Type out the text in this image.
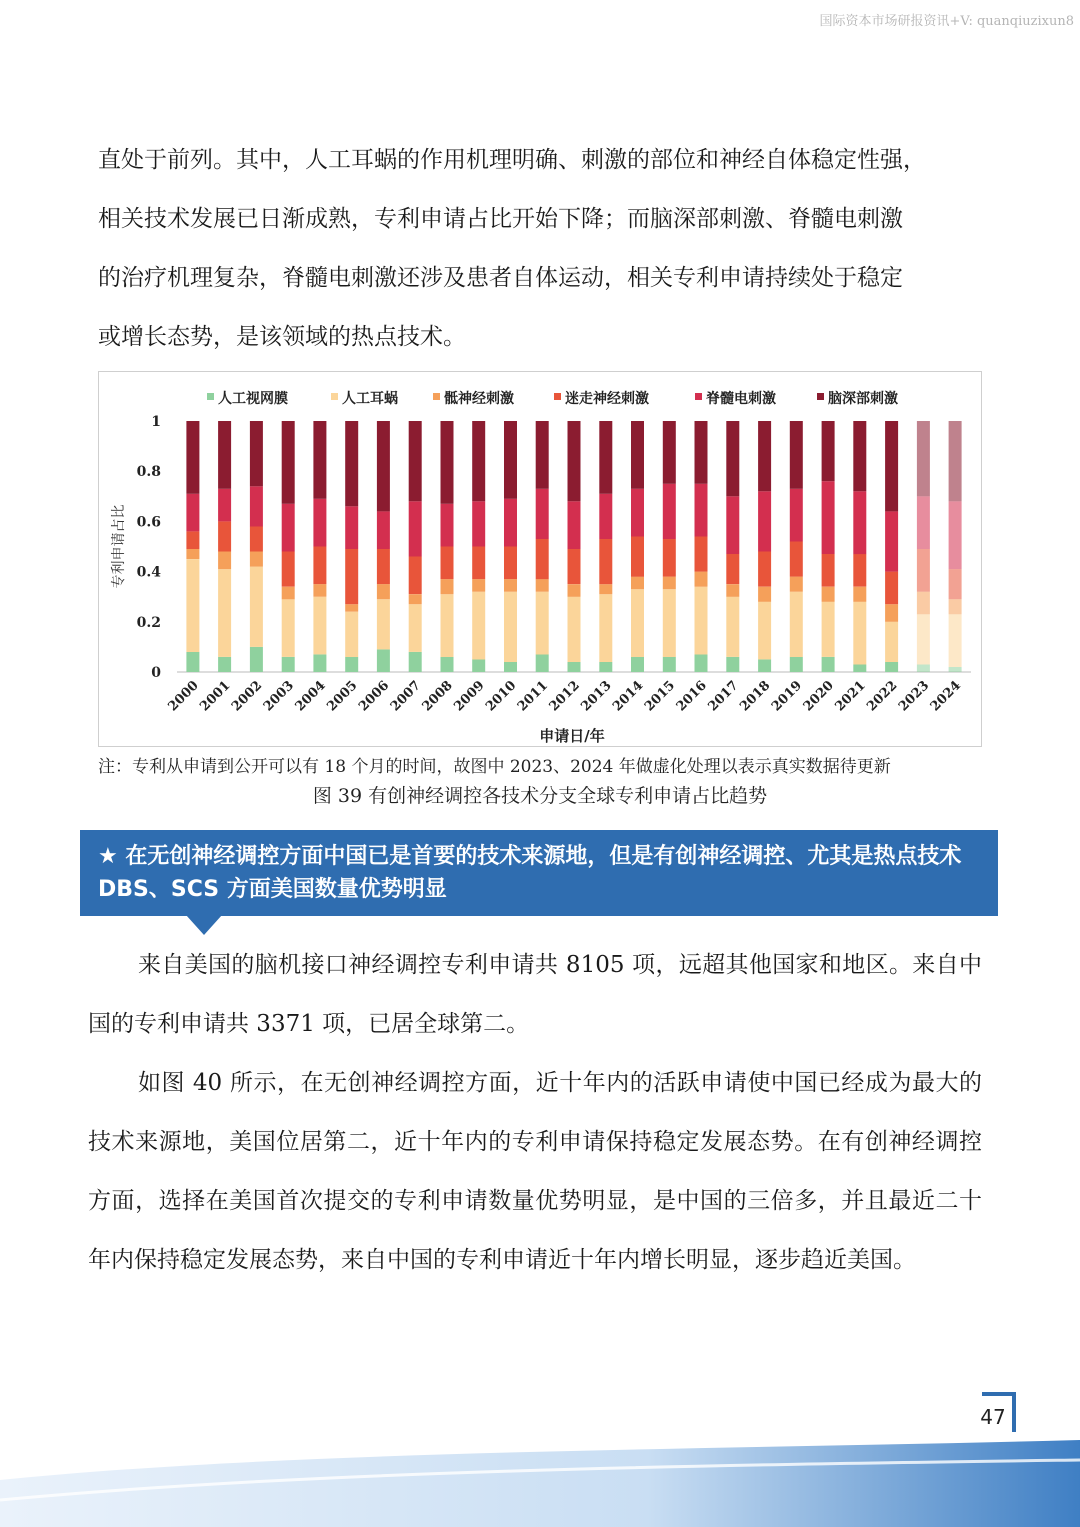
国际资本市场研报资讯+V: quanqiuzixun8
直处于前列。其中，人工耳蜗的作用机理明确、刺激的部位和神经自体稳定性强，
相关技术发展已日渐成熟，专利申请占比开始下降；而脑深部刺激、脊髓电刺激
的治疗机理复杂，脊髓电刺激还涉及患者自体运动，相关专利申请持续处于稳定
或增长态势，是该领域的热点技术。
0
0.2
0.4
0.6
0.8
1
专利申请占比
2000
2001
2002
2003
2004
2005
2006
2007
2008
2009
2010
2011
2012
2013
2014
2015
2016
2017
2018
2019
2020
2021
2022
2023
2024
申请日/年
人工视网膜	人工耳蜗	骶神经刺激	迷走神经刺激	脊髓电刺激	脑深部刺激
注：专利从申请到公开可以有 18 个月的时间，故图中 2023、2024 年做虚化处理以表示真实数据待更新
图 39 有创神经调控各技术分支全球专利申请占比趋势
★ 在无创神经调控方面中国已是首要的技术来源地，但是有创神经调控、尤其是热点技术 DBS、SCS 方面美国数量优势明显

来自美国的脑机接口神经调控专利申请共 8105 项，远超其他国家和地区。来自中国的专利申请共 3371 项，已居全球第二。

如图 40 所示，在无创神经调控方面，近十年内的活跃申请使中国已经成为最大的技术来源地，美国位居第二，近十年内的专利申请保持稳定发展态势。在有创神经调控方面，选择在美国首次提交的专利申请数量优势明显，是中国的三倍多，并且最近二十年内保持稳定发展态势，来自中国的专利申请近十年内增长明显，逐步趋近美国。

47
